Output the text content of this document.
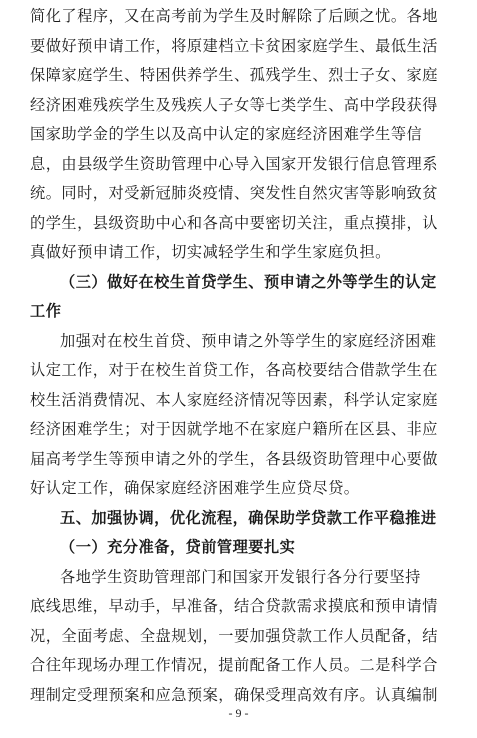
简化了程序，又在高考前为学生及时解除了后顾之忧。各地
要做好预申请工作，将原建档立卡贫困家庭学生、最低生活
保障家庭学生、特困供养学生、孤残学生、烈士子女、家庭
经济困难残疾学生及残疾人子女等七类学生、高中学段获得
国家助学金的学生以及高中认定的家庭经济困难学生等信
息，由县级学生资助管理中心导入国家开发银行信息管理系
统。同时，对受新冠肺炎疫情、突发性自然灾害等影响致贫
的学生，县级资助中心和各高中要密切关注，重点摸排，认
真做好预申请工作，切实减轻学生和学生家庭负担。
（三）做好在校生首贷学生、预申请之外等学生的认定
工作
加强对在校生首贷、预申请之外等学生的家庭经济困难
认定工作，对于在校生首贷工作，各高校要结合借款学生在
校生活消费情况、本人家庭经济情况等因素，科学认定家庭
经济困难学生；对于因就学地不在家庭户籍所在区县、非应
届高考学生等预申请之外的学生，各县级资助管理中心要做
好认定工作，确保家庭经济困难学生应贷尽贷。
五、加强协调，优化流程，确保助学贷款工作平稳推进
（一）充分准备，贷前管理要扎实
各地学生资助管理部门和国家开发银行各分行要坚持
底线思维，早动手，早准备，结合贷款需求摸底和预申请情
况，全面考虑、全盘规划，一要加强贷款工作人员配备，结
合往年现场办理工作情况，提前配备工作人员。二是科学合
理制定受理预案和应急预案，确保受理高效有序。认真编制
- 9 -
